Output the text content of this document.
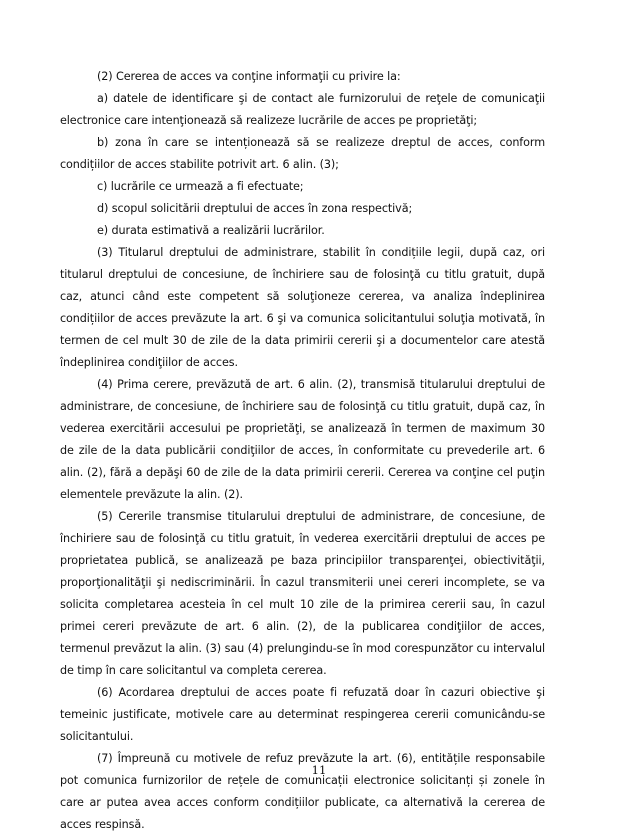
(2) Cererea de acces va conţine informaţii cu privire la:

a) datele de identificare şi de contact ale furnizorului de reţele de comunicaţii electronice care intenţionează să realizeze lucrările de acces pe proprietăţi;

b) zona în care se intenționează să se realizeze dreptul de acces, conform condițiilor de acces stabilite potrivit art. 6 alin. (3);

c) lucrările ce urmează a fi efectuate;

d) scopul solicitării dreptului de acces în zona respectivă;

e) durata estimativă a realizării lucrărilor.

(3) Titularul dreptului de administrare, stabilit în condițiile legii, după caz, ori titularul dreptului de concesiune, de închiriere sau de folosinţă cu titlu gratuit, după caz, atunci când este competent să soluţioneze cererea, va analiza îndeplinirea condițiilor de acces prevăzute la art. 6 şi va comunica solicitantului soluţia motivată, în termen de cel mult 30 de zile de la data primirii cererii şi a documentelor care atestă îndeplinirea condiţiilor de acces.

(4) Prima cerere, prevăzută de art. 6 alin. (2), transmisă titularului dreptului de administrare, de concesiune, de închiriere sau de folosinţă cu titlu gratuit, după caz, în vederea exercitării accesului pe proprietăţi, se analizează în termen de maximum 30 de zile de la data publicării condiţiilor de acces, în conformitate cu prevederile art. 6 alin. (2), fără a depăşi 60 de zile de la data primirii cererii. Cererea va conţine cel puţin elementele prevăzute la alin. (2).

(5) Cererile transmise titularului dreptului de administrare, de concesiune, de închiriere sau de folosinţă cu titlu gratuit, în vederea exercitării dreptului de acces pe proprietatea publică, se analizează pe baza principiilor transparenţei, obiectivităţii, proporţionalităţii şi nediscriminării. În cazul transmiterii unei cereri incomplete, se va solicita completarea acesteia în cel mult 10 zile de la primirea cererii sau, în cazul primei cereri prevăzute de art. 6 alin. (2), de la publicarea condiţiilor de acces, termenul prevăzut la alin. (3) sau (4) prelungindu-se în mod corespunzător cu intervalul de timp în care solicitantul va completa cererea.

(6) Acordarea dreptului de acces poate fi refuzată doar în cazuri obiective şi temeinic justificate, motivele care au determinat respingerea cererii comunicându-se solicitantului.

(7) Împreună cu motivele de refuz prevăzute la art. (6), entitățile responsabile pot comunica furnizorilor de rețele de comunicații electronice solicitanți și zonele în care ar putea avea acces conform condițiilor publicate, ca alternativă la cererea de acces respinsă.

11
